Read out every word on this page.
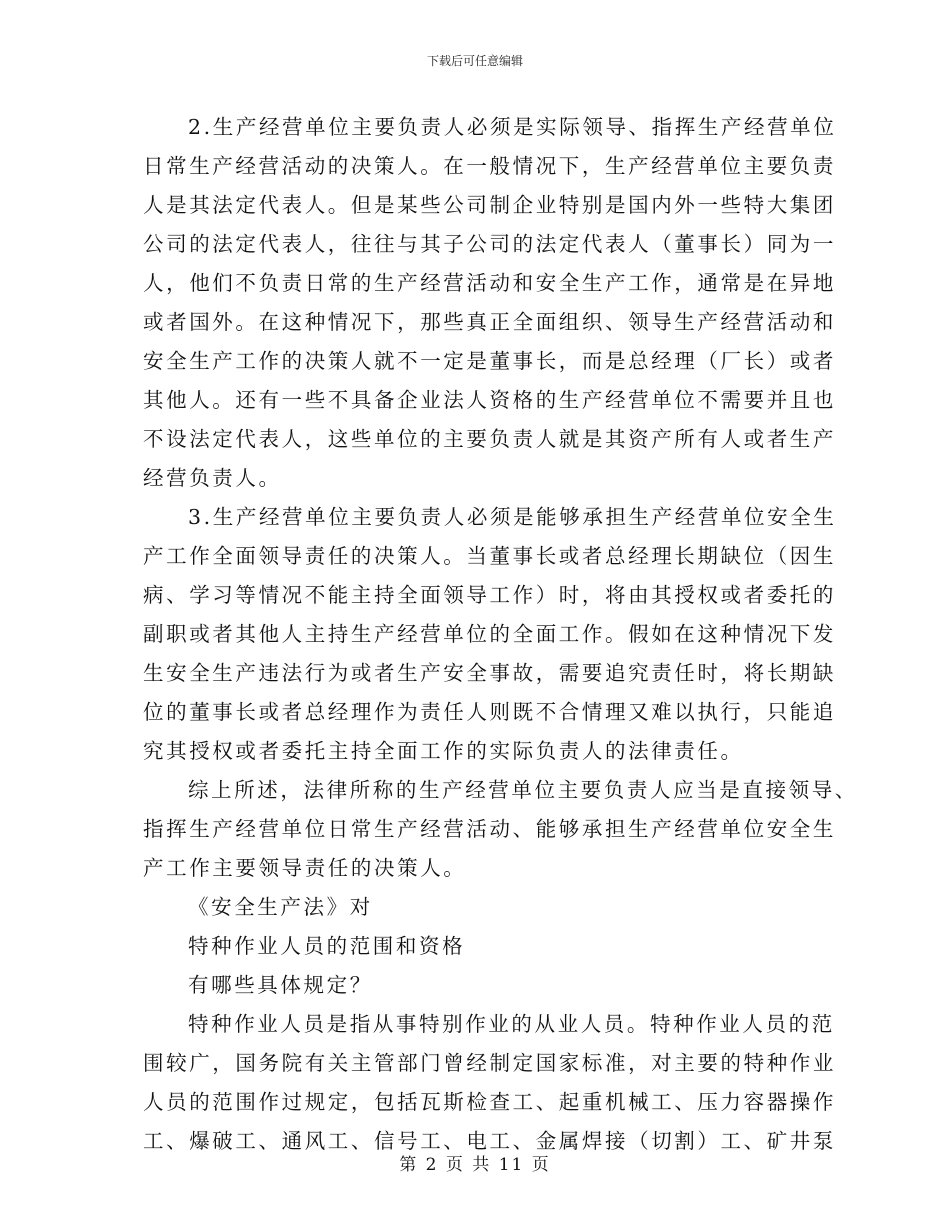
下载后可任意编辑
2.生产经营单位主要负责人必须是实际领导、指挥生产经营单位
日常生产经营活动的决策人。在一般情况下，生产经营单位主要负责
人是其法定代表人。但是某些公司制企业特别是国内外一些特大集团
公司的法定代表人，往往与其子公司的法定代表人（董事长）同为一
人，他们不负责日常的生产经营活动和安全生产工作，通常是在异地
或者国外。在这种情况下，那些真正全面组织、领导生产经营活动和
安全生产工作的决策人就不一定是董事长，而是总经理（厂长）或者
其他人。还有一些不具备企业法人资格的生产经营单位不需要并且也
不设法定代表人，这些单位的主要负责人就是其资产所有人或者生产
经营负责人。
3.生产经营单位主要负责人必须是能够承担生产经营单位安全生
产工作全面领导责任的决策人。当董事长或者总经理长期缺位（因生
病、学习等情况不能主持全面领导工作）时，将由其授权或者委托的
副职或者其他人主持生产经营单位的全面工作。假如在这种情况下发
生安全生产违法行为或者生产安全事故，需要追究责任时，将长期缺
位的董事长或者总经理作为责任人则既不合情理又难以执行，只能追
究其授权或者委托主持全面工作的实际负责人的法律责任。
综上所述，法律所称的生产经营单位主要负责人应当是直接领导、
指挥生产经营单位日常生产经营活动、能够承担生产经营单位安全生
产工作主要领导责任的决策人。
《安全生产法》对
特种作业人员的范围和资格
有哪些具体规定？
特种作业人员是指从事特别作业的从业人员。特种作业人员的范
围较广，国务院有关主管部门曾经制定国家标准，对主要的特种作业
人员的范围作过规定，包括瓦斯检查工、起重机械工、压力容器操作
工、爆破工、通风工、信号工、电工、金属焊接（切割）工、矿井泵
第 2 页 共 11 页
